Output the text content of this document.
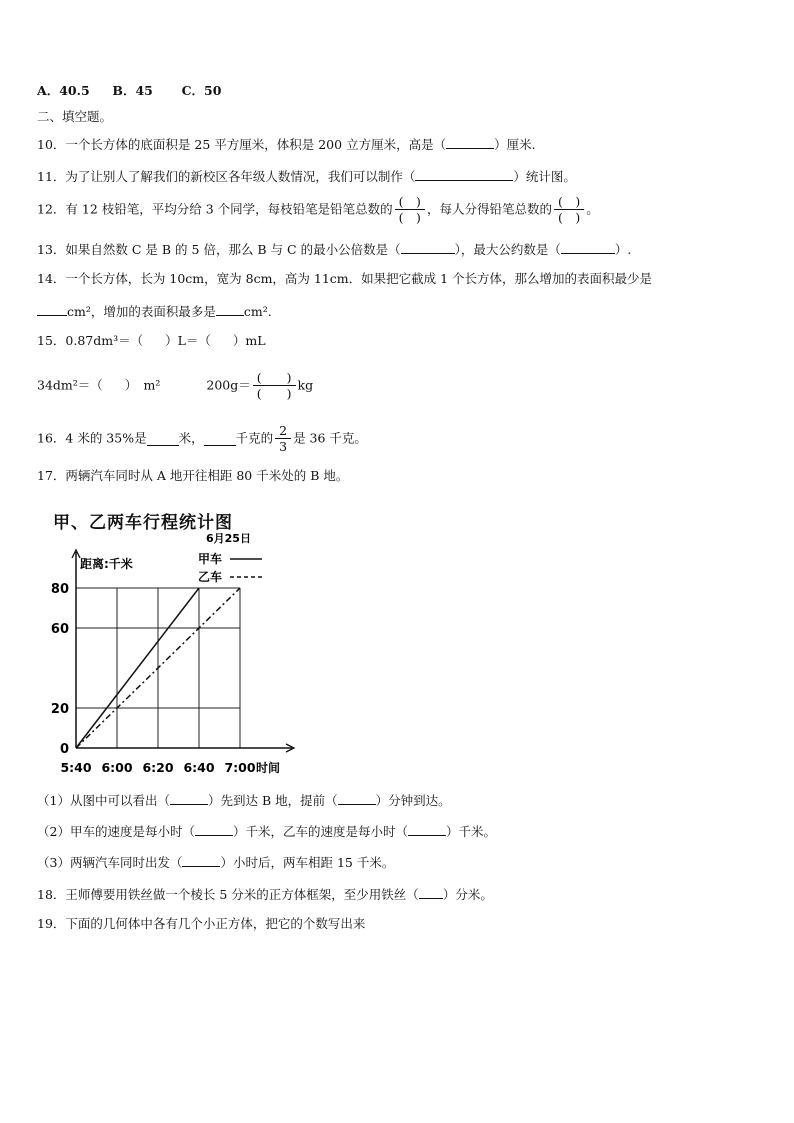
A．40.5 B．45 C．50
二、填空题。
10．一个长方体的底面积是 25 平方厘米，体积是 200 立方厘米，高是（	）厘米.
11．为了让别人了解我们的新校区各年级人数情况，我们可以制作（	）统计图。
12．有 12 枝铅笔，平均分给 3 个同学，每枝铅笔是铅笔总数的 $\frac{( )}{( )}$ ，每人分得铅笔总数的 $\frac{( )}{( )}$ 。
13．如果自然数 C 是 B 的 5 倍，那么 B 与 C 的最小公倍数是（	），最大公约数是（	）.
14．一个长方体，长为 10cm，宽为 8cm，高为 11cm．如果把它截成 1 个长方体，那么增加的表面积最少是
cm²，增加的表面积最多是 cm².
15．0.87dm³＝（ ）L＝（ ）mL
34dm²＝（ ）　m²	$200g= \frac{( )}{( )}$ kg
16．4 米的 35%是	米，	千克的 $\frac{2}{3}$ 是 36 千克。
17．两辆汽车同时从 A 地开往相距 80 千米处的 B 地。
甲、乙两车行程统计图
0
20
60
80
5:40 6:00 6:20 6:40 7:00
距离:千米
时间
6月25日
甲车
乙车
（1）从图中可以看出（	）先到达 B 地，提前（	）分钟到达。
（2）甲车的速度是每小时（	）千米，乙车的速度是每小时（	）千米。
（3）两辆汽车同时出发（	）小时后，两车相距 15 千米。
18．王师傅要用铁丝做一个棱长 5 分米的正方体框架，至少用铁丝（ ）分米。
19．下面的几何体中各有几个小正方体，把它的个数写出来
